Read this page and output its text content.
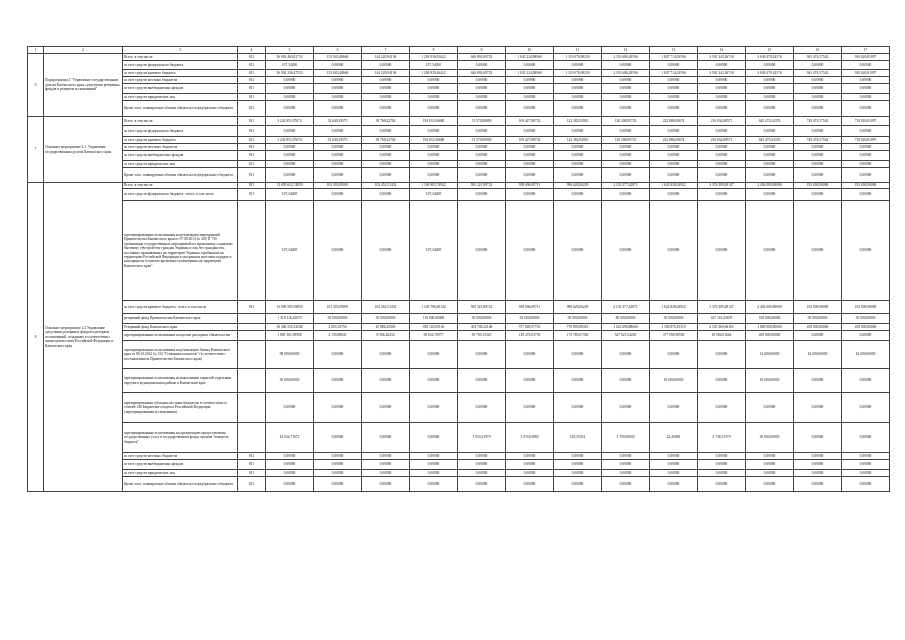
1	2	3	4	5	6	7	8	9	10	11	12	13	14	15	16	17
6	Подпрограмма 2 "Управление государственным долгом Камчатского края, средствами резервных фондов и резервом ассигнований"	Всего, в том числе:	811	16 902 463,81733	153 943,48664	144 220,94136	1 294 936,81622	646 892,69723	1 045 224,98960	1 119 076,90239	2 353 686,28596	1 847 714,03596	3 591 343,36718	3 049 479,24376	941 474,57542	910 826,81097
		за счет средств федерального бюджета	811	107,34200	0,00000	0,00000	107,34200	0,00000	0,00000	0,00000	0,00000	0,00000	0,00000	0,00000	0,00000	0,00000
		за счет средств краевого бюджета	811	16 902 356,47533	153 943,48664	144 220,94136	1 294 829,46422	646 892,69723	1 045 224,98960	1 119 076,90239	2 353 686,28596	1 847 714,03596	3 591 343,36718	3 049 479,24376	941 474,57542	910 826,81097
		за счет средств местных бюджетов	811	0,00000	0,00000	0,00000	0,00000	0,00000	0,00000	0,00000	0,00000	0,00000	0,00000	0,00000	0,00000	0,00000
		за счет средств внебюджетных фондов	811	0,00000	0,00000	0,00000	0,00000	0,00000	0,00000	0,00000	0,00000	0,00000	0,00000	0,00000	0,00000	0,00000
		за счет средств юридических лиц	811	0,00000	0,00000	0,00000	0,00000	0,00000	0,00000	0,00000	0,00000	0,00000	0,00000	0,00000	0,00000	0,00000
		Кроме того, планируемые объемы обязательств федерального бюджета	811	0,00000	0,00000	0,00000	0,00000	0,00000	0,00000	0,00000	0,00000	0,00000	0,00000	0,00000	0,00000	0,00000
7	Основное мероприятие 2.1. Управление государственным долгом Камчатского края	Всего, в том числе:	811	3 242 851,07674	52 640,39575	39 768,42704	194 031,06680	51 570,80000	109 427,88732	122 382,92910	120 308,85725	222 886,00674	216 034,08571	645 479,24376	749 474,57542	718 826,81097
		за счет средств федерального бюджета	811	0,00000	0,00000	0,00000	0,00000	0,00000	0,00000	0,00000	0,00000	0,00000	0,00000	0,00000	0,00000	0,00000
		за счет средств краевого бюджета	811	3 242 851,07674	52 640,39575	39 768,42704	194 031,06680	51 570,80000	109 427,88732	122 382,92910	120 308,85725	222 886,00674	216 034,08571	645 479,24376	749 474,57542	718 826,81097
		за счет средств местных бюджетов	811	0,00000	0,00000	0,00000	0,00000	0,00000	0,00000	0,00000	0,00000	0,00000	0,00000	0,00000	0,00000	0,00000
		за счет средств внебюджетных фондов	811	0,00000	0,00000	0,00000	0,00000	0,00000	0,00000	0,00000	0,00000	0,00000	0,00000	0,00000	0,00000	0,00000
		за счет средств юридических лиц	811	0,00000	0,00000	0,00000	0,00000	0,00000	0,00000	0,00000	0,00000	0,00000	0,00000	0,00000	0,00000	0,00000
		Кроме того, планируемые объемы обязательств федерального бюджета	811	0,00000	0,00000	0,00000	0,00000	0,00000	0,00000	0,00000	0,00000	0,00000	0,00000	0,00000	0,00000	0,00000
8	Основное мероприятие 2.2 Управление средствами резервных фондов и резервом ассигнований, созданных в соответствии с законодательством Российской Федерации и Камчатского края	Всего, в том числе:	811	13 659 612,74059	101 303,09091	104 452,51432	1 100 905,74942	595 321,89722	938 696,09711	996 628,06229	2 233 377,42871	1 624 828,02922	3 376 309,28147	2 404 000,00000	192 000,00000	192 000,00000
		за счет средств федерального бюджета - всего, в том числе	811	107,34200	0,00000	0,00000	107,34200	0,00000	0,00000	0,00000	0,00000	0,00000	0,00000	0,00000	0,00000	0,00000
		зарезервированные ассигнования на реализацию мероприятий Правительства Камчатского края от 07.08.2014 № 329-П "Об организации государственных мероприятий по временному социально-бытовому обустройству граждан Украины и лиц без гражданства, постоянно проживавших на территории Украины, прибывших на территорию Российской Федерации в экстренном массовом порядке и находящихся в пунктах временного размещения на территории Камчатского края"		107,34200	0,00000	0,00000	107,34200	0,00000	0,00000	0,00000	0,00000	0,00000	0,00000	0,00000	0,00000	0,00000
		за счет средств краевого бюджета - всего, в том числе	811	13 659 505,39859	101 303,09091	104 452,51432	1 100 798,40142	595 321,89722	938 696,09711	996 628,06229	2 233 377,42871	1 624 828,02922	3 376 309,28147	2 404 000,00000	192 000,00000	192 000,00000
		резервный фонд Правительства Камчатского края		1 318 116,43679	95 000,00000	50 000,00000	110 000,00000	50 000,00000	93 000,00000	90 000,00000	80 000,00000	50 000,00000	427 116,43679	100 000,00000	90 000,00000	50 000,00000
		Резервный фонд Камчатского края		10 360 592,24348	2 063,10750	45 886,25000	918 143,69165	304 706,32148	757 849,37716	770 893,88319	1 622 696,88606	1 186 876,19519	2 535 369,06165	1 880 000,00000	100 000,00000	100 000,00000
		зарезервированные ассигнования на прочие расходные обязательства		1 805 181,99998	4 139,88841	8 566,26432	69 654,70977	39 705,15525	129 476,53755	175 785,07356	527 925,54265	377 958,38539	10 904,01664	450 000,00000	0,00000	0,00000
		зарезервированные ассигнования на реализацию Закона Камчатского края от 09.10.2012 № 134 "О мамином капитале" (в соответствии с постановлением Правительства Камчатского края)		98 000,00000	0,00000	0,00000	0,00000	0,00000	0,00000	0,00000	0,00000	0,00000	0,00000	14 000,00000	42 000,00000	42 000,00000
		зарезервированные ассигнования на выполнение гарантий отдельным округам в муниципальном районе в Камчатском крае		30 000,00000	0,00000	0,00000	0,00000	0,00000	0,00000	0,00000	0,00000	10 000,00000	0,00000	10 000,00000	0,00000	0,00000
		зарезервированная субсидия местным бюджетам в соответствии со статьей 140 Бюджетного кодекса Российской Федерации (зарезервированная ассигнования)		0,00000	0,00000	0,00000	0,00000	0,00000	0,00000	0,00000	0,00000	0,00000	0,00000	0,00000	0,00000	0,00000
		зарезервированные ассигнования на организацию предоставления государственных услуг в государственном фонде органов "контроль бюджета"		42 634,71672	0,00000	0,00000	0,00000	3 910,21979	2 074,61880	149,35354	3 750,00000	22,45000	2 738,31579	30 000,00000	0,00000	0,00000
		за счет средств местных бюджетов	811	0,00000	0,00000	0,00000	0,00000	0,00000	0,00000	0,00000	0,00000	0,00000	0,00000	0,00000	0,00000	0,00000
		за счет средств внебюджетных фондов	811	0,00000	0,00000	0,00000	0,00000	0,00000	0,00000	0,00000	0,00000	0,00000	0,00000	0,00000	0,00000	0,00000
		за счет средств юридических лиц	811	0,00000	0,00000	0,00000	0,00000	0,00000	0,00000	0,00000	0,00000	0,00000	0,00000	0,00000	0,00000	0,00000
		Кроме того, планируемые объемы обязательств федерального бюджета	811	0,00000	0,00000	0,00000	0,00000	0,00000	0,00000	0,00000	0,00000	0,00000	0,00000	0,00000	0,00000	0,00000
